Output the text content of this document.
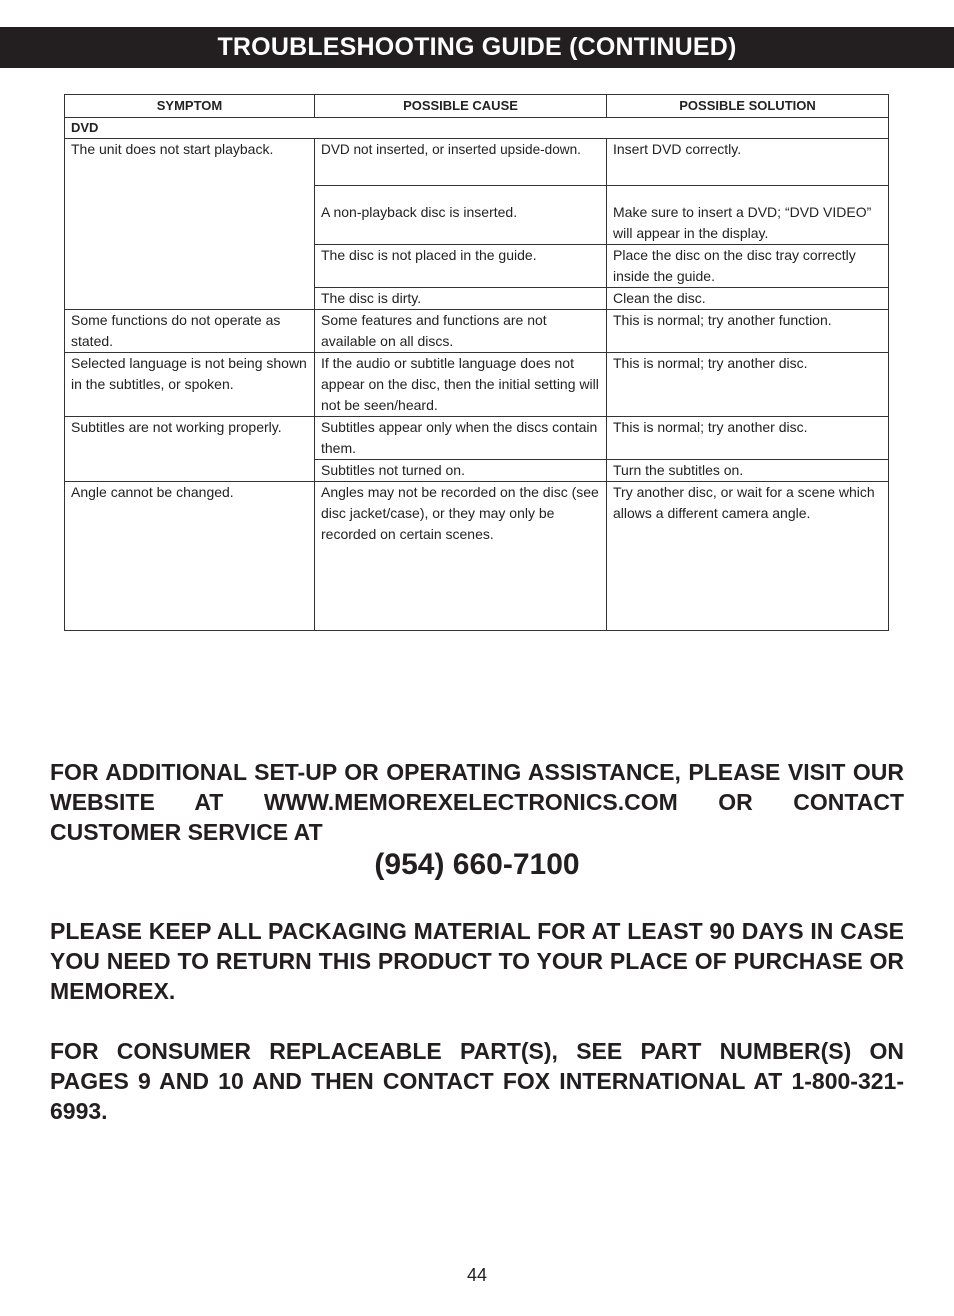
TROUBLESHOOTING GUIDE (CONTINUED)
SYMPTOM	POSSIBLE CAUSE	POSSIBLE SOLUTION
DVD		
The unit does not start playback.	DVD not inserted, or inserted upside-down.	Insert DVD correctly.
	A non-playback disc is inserted.	Make sure to insert a DVD; “DVD VIDEO” will appear in the display.
	The disc is not placed in the guide.	Place the disc on the disc tray correctly inside the guide.
	The disc is dirty.	Clean the disc.
Some functions do not operate as stated.	Some features and functions are not available on all discs.	This is normal; try another function.
Selected language is not being shown in the subtitles, or spoken.	If the audio or subtitle language does not appear on the disc, then the initial setting will not be seen/heard.	This is normal; try another disc.
Subtitles are not working properly.	Subtitles appear only when the discs contain them.	This is normal; try another disc.
	Subtitles not turned on.	Turn the subtitles on.
Angle cannot be changed.	Angles may not be recorded on the disc (see disc jacket/case), or they may only be recorded on certain scenes.	Try another disc, or wait for a scene which allows a different camera angle.
FOR ADDITIONAL SET-UP OR OPERATING ASSISTANCE, PLEASE VISIT OUR WEBSITE AT WWW.MEMOREXELECTRONICS.COM OR CONTACT CUSTOMER SERVICE AT
(954) 660-7100
PLEASE KEEP ALL PACKAGING MATERIAL FOR AT LEAST 90 DAYS IN CASE YOU NEED TO RETURN THIS PRODUCT TO YOUR PLACE OF PURCHASE OR MEMOREX.
FOR CONSUMER REPLACEABLE PART(S), SEE PART NUMBER(S) ON PAGES 9 AND 10 AND THEN CONTACT FOX INTERNATIONAL AT 1-800-321-6993.
44
